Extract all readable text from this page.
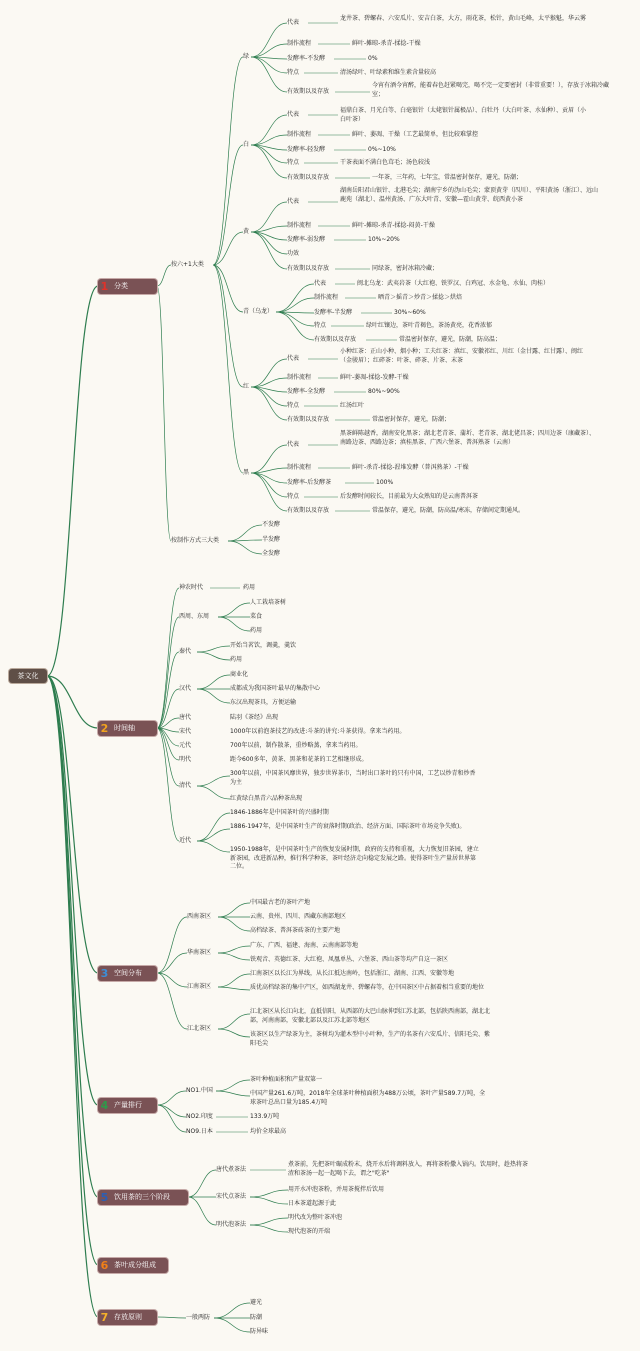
茶文化
1 分类
2 时间轴
3 空间分布
4 产量排行
5 饮用茶的三个阶段
6 茶叶成分组成
7 存放原则
按六+1大类
绿
代表
龙井茶、碧螺春、六安瓜片、安吉白茶，大方，雨花茶，松针，黄山毛峰，太平猴魁，华云雾
制作流程	鲜叶-摊晾-杀青-揉捻-干燥
发酵率-不发酵	0%
特点	清汤绿叶、叶绿素和维生素含量较高
有效期以及存放
今宵有酒今宵醉，能着春色赶紧喝完，喝不完一定要密封（非常重要！），存放于冰箱冷藏室；
白
代表
福鼎白茶、月光白等、白毫银针（太姥银针属极品）、白牡丹（大白叶茶、水仙种）、贡眉（小白叶茶）
制作流程	鲜叶、萎凋、干燥（工艺最简单，但比较难掌控
发酵率-轻发酵	0%~10%
特点	干茶表面不满白色茸毛；汤色较浅
有效期以及存放	一年茶，三年药，七年宝，常温密封保存，避光，防潮；
黄
代表
湖南岳阳君山银针、北港毛尖；湖南宁乡的沩山毛尖；蒙顶黄芽（四川）、平阳黄汤（浙江）、远山鹿苑（湖北）、温州黄汤、广东大叶青、安徽—霍山黄芽、皖西黄小茶
制作流程	鲜叶-摊晾-杀青-揉捻-闷黄-干燥
发酵率-弱发酵	10%~20%
功效
有效期以及存放	同绿茶，密封冰箱冷藏；
青（乌龙）
代表	闽北乌龙：武夷岩茶（大红袍、铁罗汉、白鸡冠、水金龟、水仙、肉桂）
制作流程	晒青＞摇青＞炒青＞揉捻＞烘焙
发酵率-半发酵	30%~60%
特点	绿叶红镶边，茶叶青褐色，茶汤黄亮，花香浓郁
有效期以及存放	常温密封保存，避光，防潮，防高温；
红
代表
小种红茶：正山小种、烟小种；工夫红茶：滇红、安徽祁红、川红（金甘露、红甘露）、闽红（金骏眉）；红碎茶：叶茶、碎茶、片茶、末茶
制作流程	鲜叶-萎凋-揉捻-发酵-干燥
发酵率-全发酵	80%~90%
特点	红汤红叶
有效期以及存放	常温密封保存，避光，防潮；
黑
代表
黑茶鲜陈越香，湖南安化黑茶；湖北老青茶、蒲圻、老青茶、湖北佬昌茶；四川边茶（康藏茶）、南路边茶、西路边茶；滇桂黑茶、广西六堡茶、普洱熟茶（云南）
制作流程	鲜叶-杀青-揉捻-渥堆发酵（普洱熟茶）-干燥
发酵率-后发酵茶	100%
特点	后发酵时间较长，目前最为大众熟知的是云南普洱茶
有效期以及存放	常温保存，避光，防潮，防高温/寒冻，存储间定期通风。
按制作方式三大类
不发酵
半发酵
全发酵
神农时代	药用
西周、东周
人工栽培茶树
菜食
药用
秦代
开始当茗饮，调羹，羹饮
药用
汉代
商业化
成都成为我国茶叶最早的集散中心
东汉出现茶具，方便运输
唐代	陆羽《茶经》出现
宋代	1000年以前泡茶技艺的改进:斗茶的讲究:斗茶获得。拿来当药用。
元代	700年以前，制作散茶，重炒略蒸，拿来当药用。
明代	距今600多年，黄茶、黑茶和花茶的工艺相继形成。
清代
300年以前，中国茶风靡世界，独步世界茶市，当时出口茶叶的只有中国，工艺以炒青和炒香为主
红黄绿白黑青六品种茶出现
近代
1846-1886年是中国茶叶的兴盛时期
1886-1947年，是中国茶叶生产的衰落时期(政治、经济方面、国际茶叶市场竞争失败)。
1950-1988年，是中国茶叶生产的恢复发展时期，政府的支持和重视，大力恢复旧茶园，建立新茶园，改进新品种，推行科学种茶，茶叶经济走向稳定发展之路。使得茶叶生产量居世界第二位。
西南茶区
中国最古老的茶叶产地
云南、贵州、四川、西藏东南部地区
高档绿茶、普洱茶砖茶的主要产地
华南茶区
广东、广西、福建、海南、云南南部等地
铁观音、英德红茶、大红袍、凤凰单丛、六堡茶、西山茶等均产自这一茶区
江南茶区
江南茶区以长江为界线，从长江抵达南岭，包括浙江、湖南、江西、安徽等地
质优高档绿茶的集中产区，如西湖龙井、碧螺春等，在中国茶区中占据着相当重要的地位
江北茶区
江北茶区从长江向北，直抵信阳，从西部的大巴山脉伸到江苏北部，包括陕西南部，湖北北部，河南南部，安徽北部以及江苏北部等地区
该茶区以生产绿茶为主，茶树均为灌木型中小叶种，生产的名茶有六安瓜片、信阳毛尖、紫阳毛尖
NO1.中国
茶叶种植面积和产量双第一
中国产量261.6万吨，2018年全球茶叶种植面积为488万公顷，茶叶产量589.7万吨，全球茶叶总出口量为185.4万吨
NO2.印度	133.9万吨
NO9.日本	均价全球最高
唐代煮茶法
煮茶前，先把茶叶碾成粉末，烧开水后将调料放入，再将茶粉撒入锅内。饮用时，趁热将茶渣和茶汤一起一起喝下去，谓之"吃茶"
宋代点茶法
用开水冲泡茶粉，并用茶搅拌后饮用
日本茶道起源于此
明代泡茶法
明代改为整叶茶冲泡
现代泡茶的开端
一般两防
避光
防潮
防异味
